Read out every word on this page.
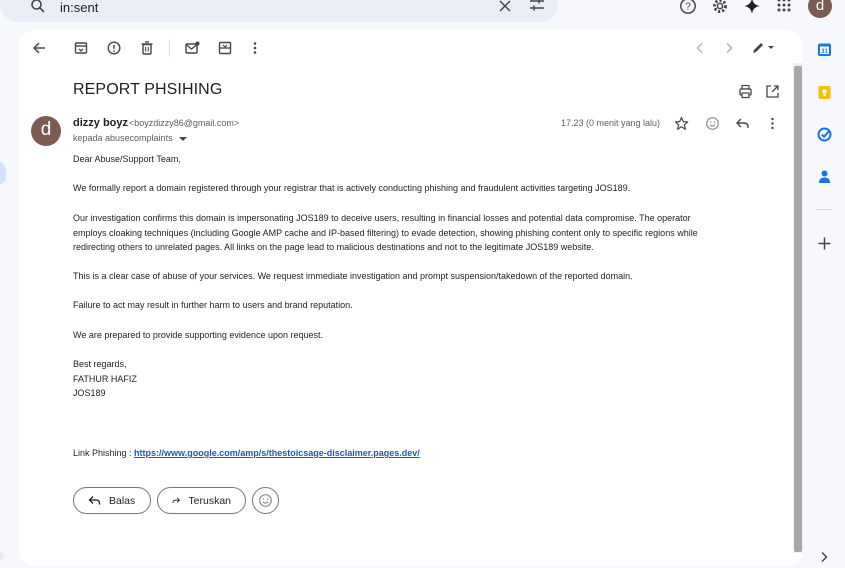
in:sent	?	d
REPORT PHSIHING
d	dizzy boyz <boyzdizzy86@gmail.com>
kepada abusecomplaints
17.23 (0 menit yang lalu)
Dear Abuse/Support Team,
We formally report a domain registered through your registrar that is actively conducting phishing and fraudulent activities targeting JOS189.
Our investigation confirms this domain is impersonating JOS189 to deceive users, resulting in financial losses and potential data compromise. The operator
employs cloaking techniques (including Google AMP cache and IP-based filtering) to evade detection, showing phishing content only to specific regions while
redirecting others to unrelated pages. All links on the page lead to malicious destinations and not to the legitimate JOS189 website.
This is a clear case of abuse of your services. We request immediate investigation and prompt suspension/takedown of the reported domain.
Failure to act may result in further harm to users and brand reputation.
We are prepared to provide supporting evidence upon request.
Best regards,
FATHUR HAFIZ
JOS189
Link Phishing : https://www.google.com/amp/s/thestoicsage-disclaimer.pages.dev/
Balas	Teruskan
31
